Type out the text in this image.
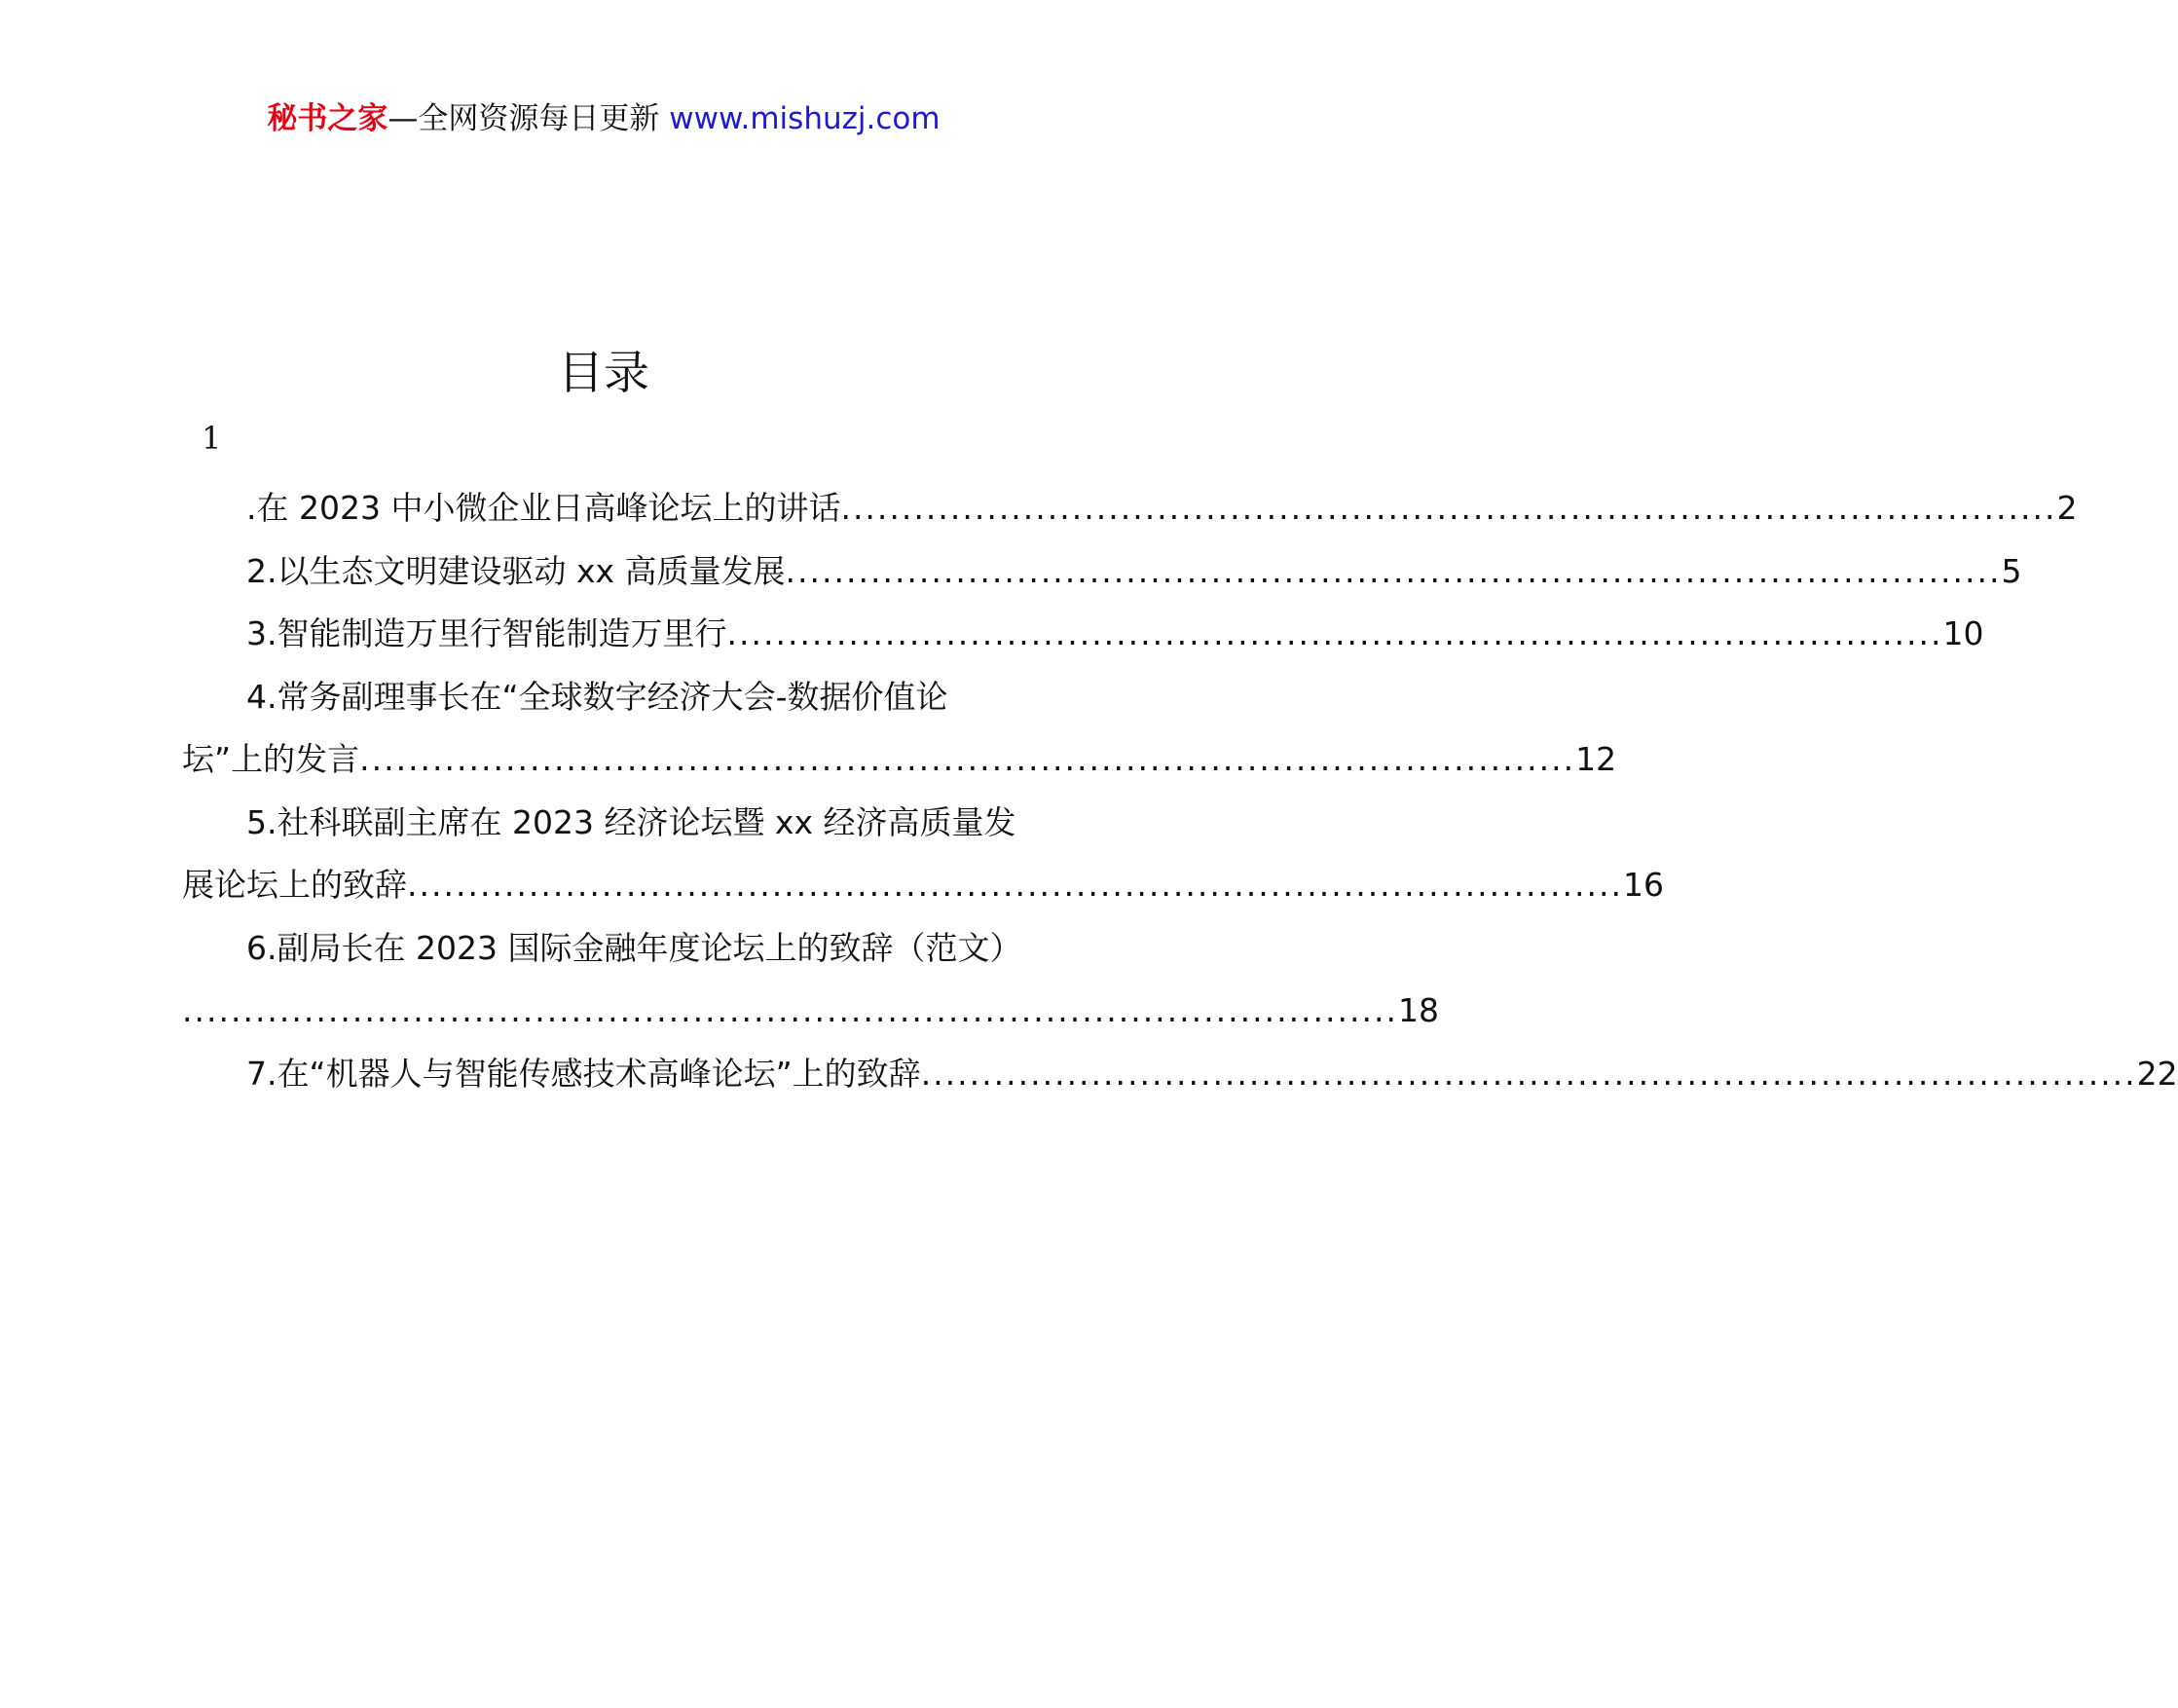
秘书之家—全网资源每日更新 www.mishuzj.com
目录
1
.在 2023 中小微企业日高峰论坛上的讲话 .................................................................................................... 2
2.以生态文明建设驱动 xx 高质量发展 .................................................................................................... 5
3.智能制造万里行智能制造万里行 .................................................................................................... 10
4.常务副理事长在“全球数字经济大会-数据价值论
坛”上的发言 .................................................................................................... 12
5.社科联副主席在 2023 经济论坛暨 xx 经济高质量发
展论坛上的致辞 .................................................................................................... 16
6.副局长在 2023 国际金融年度论坛上的致辞（范文）
.................................................................................................... 18
7.在“机器人与智能传感技术高峰论坛”上的致辞 .................................................................................................... 22
